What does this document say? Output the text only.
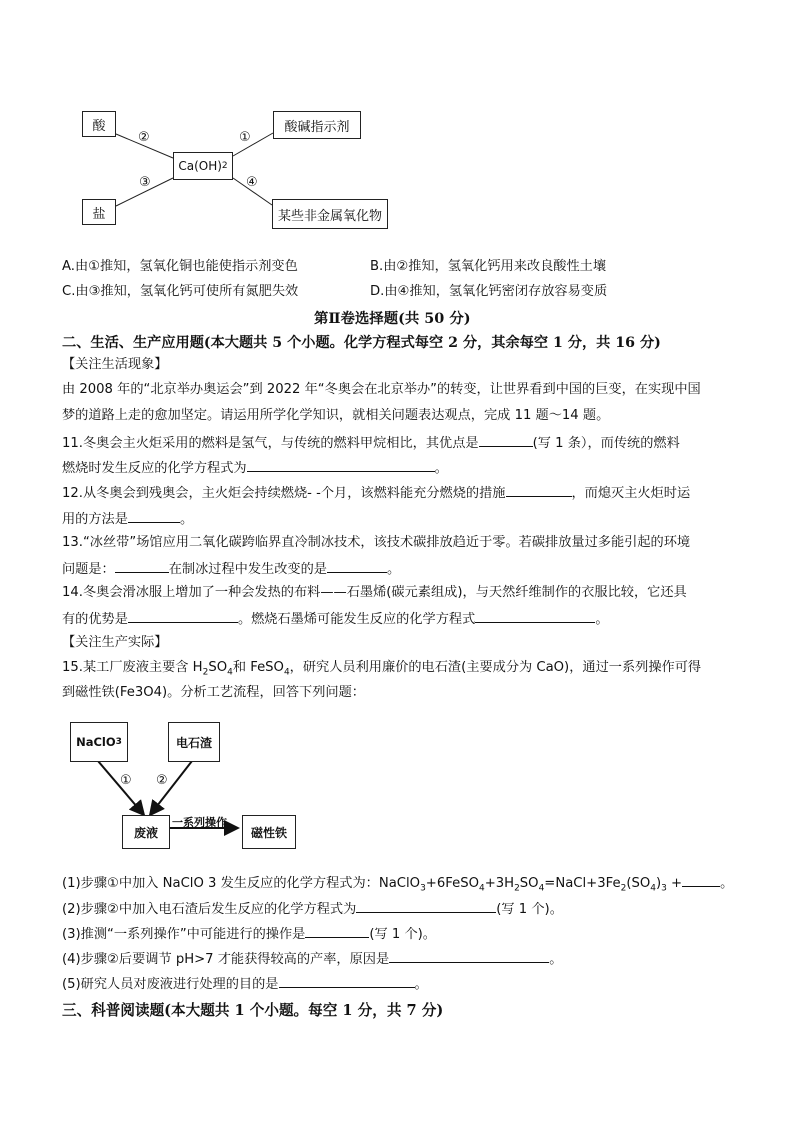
酸	酸碱指示剂
Ca(OH) 2
盐	某些非金属氧化物
②	①
③	④
A.由①推知，氢氧化铜也能使指示剂变色	B.由②推知，氢氧化钙用来改良酸性土壤
C.由③推知，氢氧化钙可使所有氮肥失效	D.由④推知，氢氧化钙密闭存放容易变质
第Ⅱ卷选择题(共 50 分)
二、生活、生产应用题(本大题共 5 个小题。化学方程式每空 2 分，其余每空 1 分，共 16 分)
【关注生活现象】
由 2008 年的“北京举办奥运会”到 2022 年“冬奥会在北京举办”的转变，让世界看到中国的巨变，在实现中国
梦的道路上走的愈加坚定。请运用所学化学知识，就相关问题表达观点，完成 11 题～14 题。
11.冬奥会主火炬采用的燃料是氢气，与传统的燃料甲烷相比，其优点是	(写 1 条），而传统的燃料
燃烧时发生反应的化学方程式为	。
12.从冬奥会到残奥会，主火炬会持续燃烧- -个月，该燃料能充分燃烧的措施	，而熄灭主火炬时运
用的方法是	。
13.“冰丝带”场馆应用二氧化碳跨临界直冷制冰技术，该技术碳排放趋近于零。若碳排放量过多能引起的环境
问题是：	在制冰过程中发生改变的是	。
14.冬奥会滑冰服上增加了一种会发热的布料——石墨烯(碳元素组成)，与天然纤维制作的衣服比较，它还具
有的优势是	。燃烧石墨烯可能发生反应的化学方程式	。
【关注生产实际】
15.某工厂废液主要含 $H_2SO_4$和 FeSO$_4$，研究人员利用廉价的电石渣(主要成分为 CaO)，通过一系列操作可得
到磁性铁(Fe3O4)。分析工艺流程，回答下列问题：
NaClO 3	电石渣
废液	磁性铁
一系列操作
① ②
(1)步骤①中加入 NaClO 3 发生反应的化学方程式为：$NaClO_3+6FeSO_4+3H_2SO_4=NaCl+3Fe_2(SO_4)_3$ +	。
(2)步骤②中加入电石渣后发生反应的化学方程式为	(写 1 个)。
(3)推测“一系列操作”中可能进行的操作是	(写 1 个)。
(4)步骤②后要调节 pH>7 才能获得较高的产率，原因是	。
(5)研究人员对废液进行处理的目的是	。
三、科普阅读题(本大题共 1 个小题。每空 1 分，共 7 分)
